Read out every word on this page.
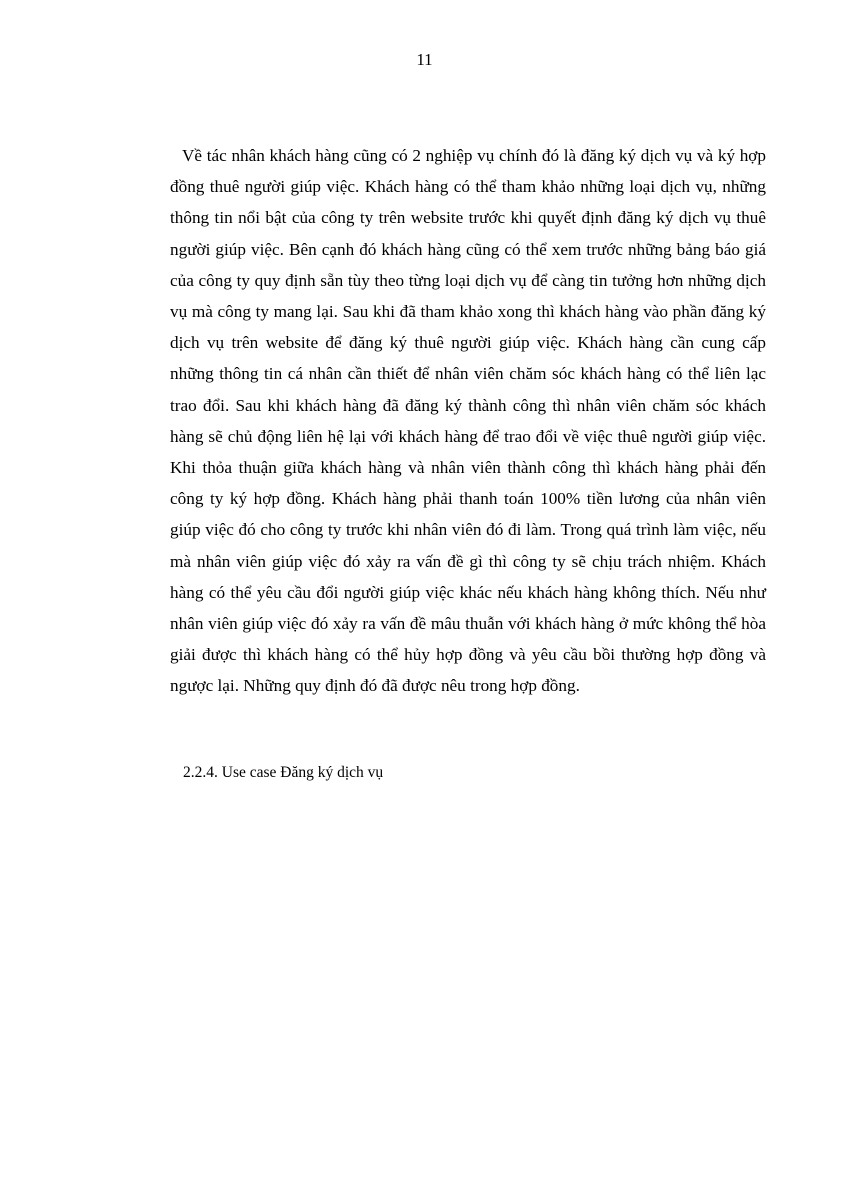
11

Về tác nhân khách hàng cũng có 2 nghiệp vụ chính đó là đăng ký dịch vụ và ký hợp đồng thuê người giúp việc. Khách hàng có thể tham khảo những loại dịch vụ, những thông tin nổi bật của công ty trên website trước khi quyết định đăng ký dịch vụ thuê người giúp việc. Bên cạnh đó khách hàng cũng có thể xem trước những bảng báo giá của công ty quy định sẵn tùy theo từng loại dịch vụ để càng tin tưởng hơn những dịch vụ mà công ty mang lại. Sau khi đã tham khảo xong thì khách hàng vào phần đăng ký dịch vụ trên website để đăng ký thuê người giúp việc. Khách hàng cần cung cấp những thông tin cá nhân cần thiết để nhân viên chăm sóc khách hàng có thể liên lạc trao đổi. Sau khi khách hàng đã đăng ký thành công thì nhân viên chăm sóc khách hàng sẽ chủ động liên hệ lại với khách hàng để trao đổi về việc thuê người giúp việc. Khi thỏa thuận giữa khách hàng và nhân viên thành công thì khách hàng phải đến công ty ký hợp đồng. Khách hàng phải thanh toán 100% tiền lương của nhân viên giúp việc đó cho công ty trước khi nhân viên đó đi làm. Trong quá trình làm việc, nếu mà nhân viên giúp việc đó xảy ra vấn đề gì thì công ty sẽ chịu trách nhiệm. Khách hàng có thể yêu cầu đổi người giúp việc khác nếu khách hàng không thích. Nếu như nhân viên giúp việc đó xảy ra vấn đề mâu thuẫn với khách hàng ở mức không thể hòa giải được thì khách hàng có thể hủy hợp đồng và yêu cầu bồi thường hợp đồng và ngược lại. Những quy định đó đã được nêu trong hợp đồng.

2.2.4. Use case Đăng ký dịch vụ
